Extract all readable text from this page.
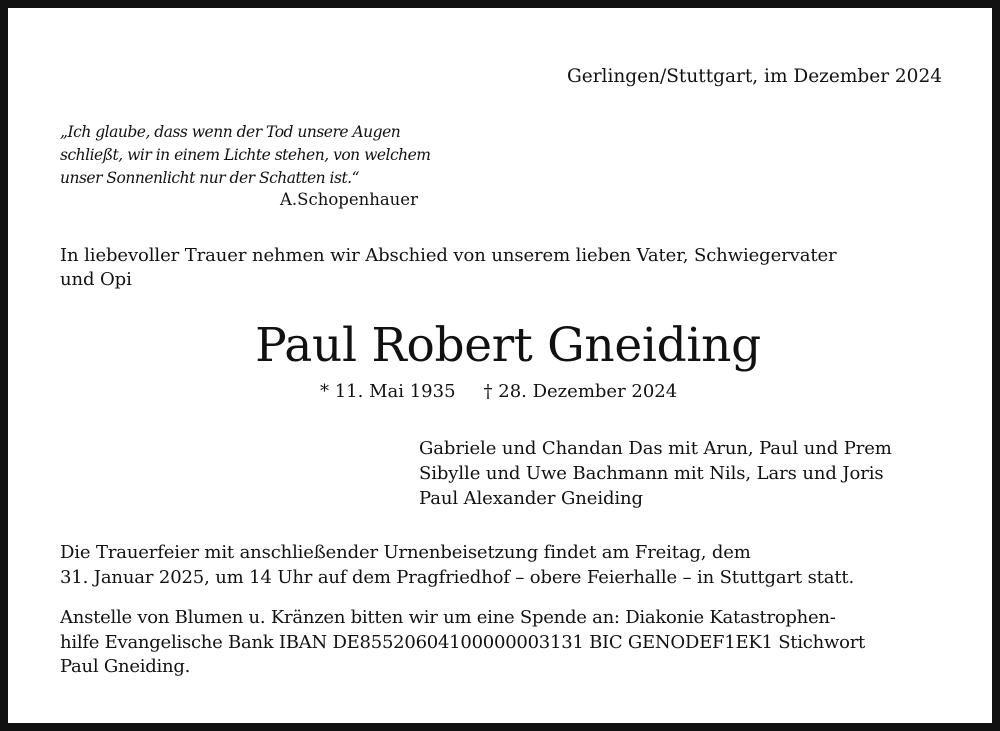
Gerlingen/Stuttgart, im Dezember 2024

„Ich glaube, dass wenn der Tod unsere Augen
schließt, wir in einem Lichte stehen, von welchem
unser Sonnenlicht nur der Schatten ist.“

A.Schopenhauer

In liebevoller Trauer nehmen wir Abschied von unserem lieben Vater, Schwiegervater
und Opi
Paul Robert Gneiding

* 11. Mai 1935 † 28. Dezember 2024

Gabriele und Chandan Das mit Arun, Paul und Prem
Sibylle und Uwe Bachmann mit Nils, Lars und Joris
Paul Alexander Gneiding
Die Trauerfeier mit anschließender Urnenbeisetzung findet am Freitag, dem
31. Januar 2025, um 14 Uhr auf dem Pragfriedhof – obere Feierhalle – in Stuttgart statt.
Anstelle von Blumen u. Kränzen bitten wir um eine Spende an: Diakonie Katastrophen-
hilfe Evangelische Bank IBAN DE85520604100000003131 BIC GENODEF1EK1 Stichwort
Paul Gneiding.
